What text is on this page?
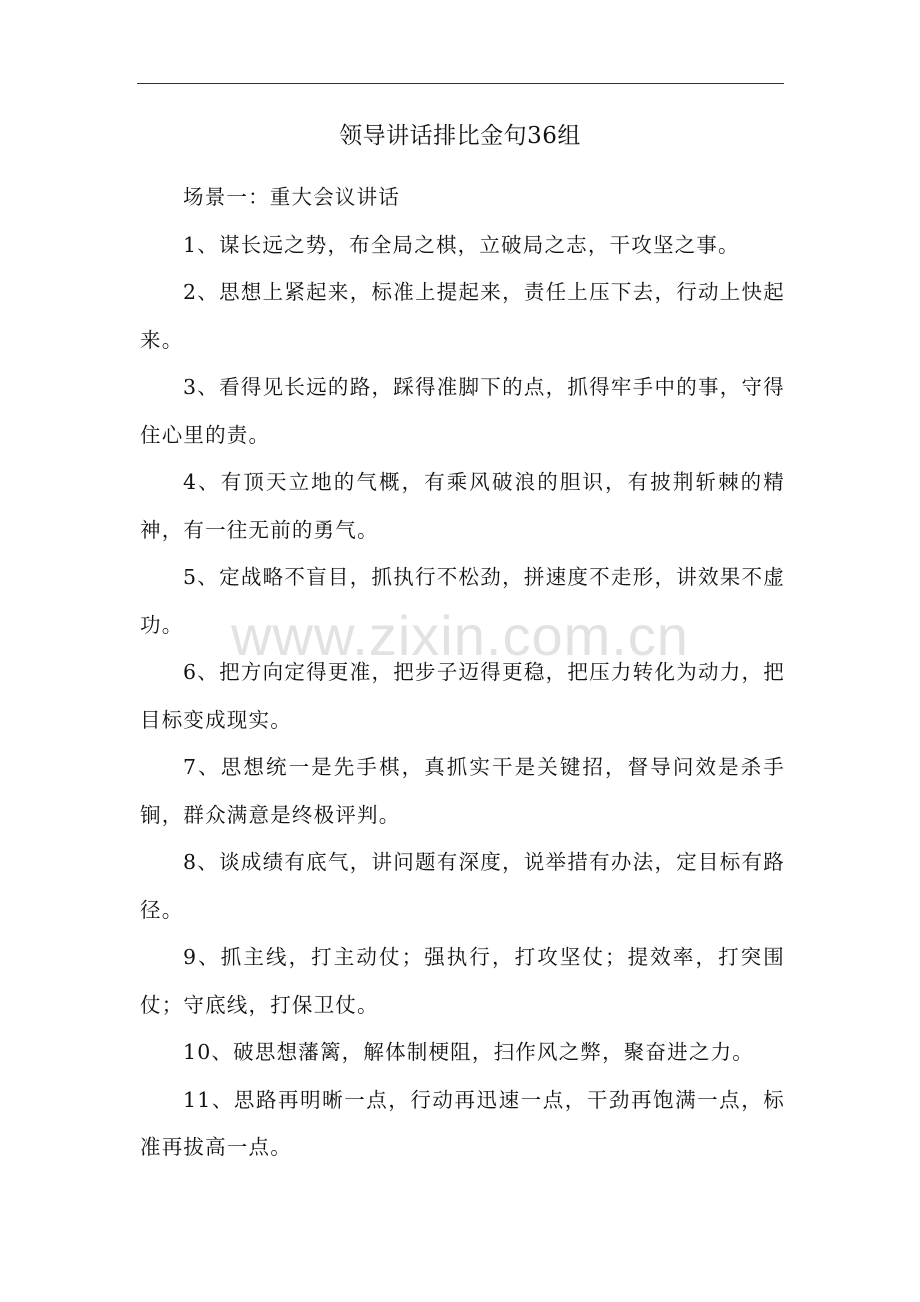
领导讲话排比金句36组

场景一：重大会议讲话

1、谋长远之势，布全局之棋，立破局之志，干攻坚之事。

2、思想上紧起来，标准上提起来，责任上压下去，行动上快起来。

3、看得见长远的路，踩得准脚下的点，抓得牢手中的事，守得住心里的责。

4、有顶天立地的气概，有乘风破浪的胆识，有披荆斩棘的精神，有一往无前的勇气。

5、定战略不盲目，抓执行不松劲，拼速度不走形，讲效果不虚功。

6、把方向定得更准，把步子迈得更稳，把压力转化为动力，把目标变成现实。

7、思想统一是先手棋，真抓实干是关键招，督导问效是杀手锏，群众满意是终极评判。

8、谈成绩有底气，讲问题有深度，说举措有办法，定目标有路径。

9、抓主线，打主动仗；强执行，打攻坚仗；提效率，打突围仗；守底线，打保卫仗。

10、破思想藩篱，解体制梗阻，扫作风之弊，聚奋进之力。

11、思路再明晰一点，行动再迅速一点，干劲再饱满一点，标准再拔高一点。

www.zixin.com.cn
